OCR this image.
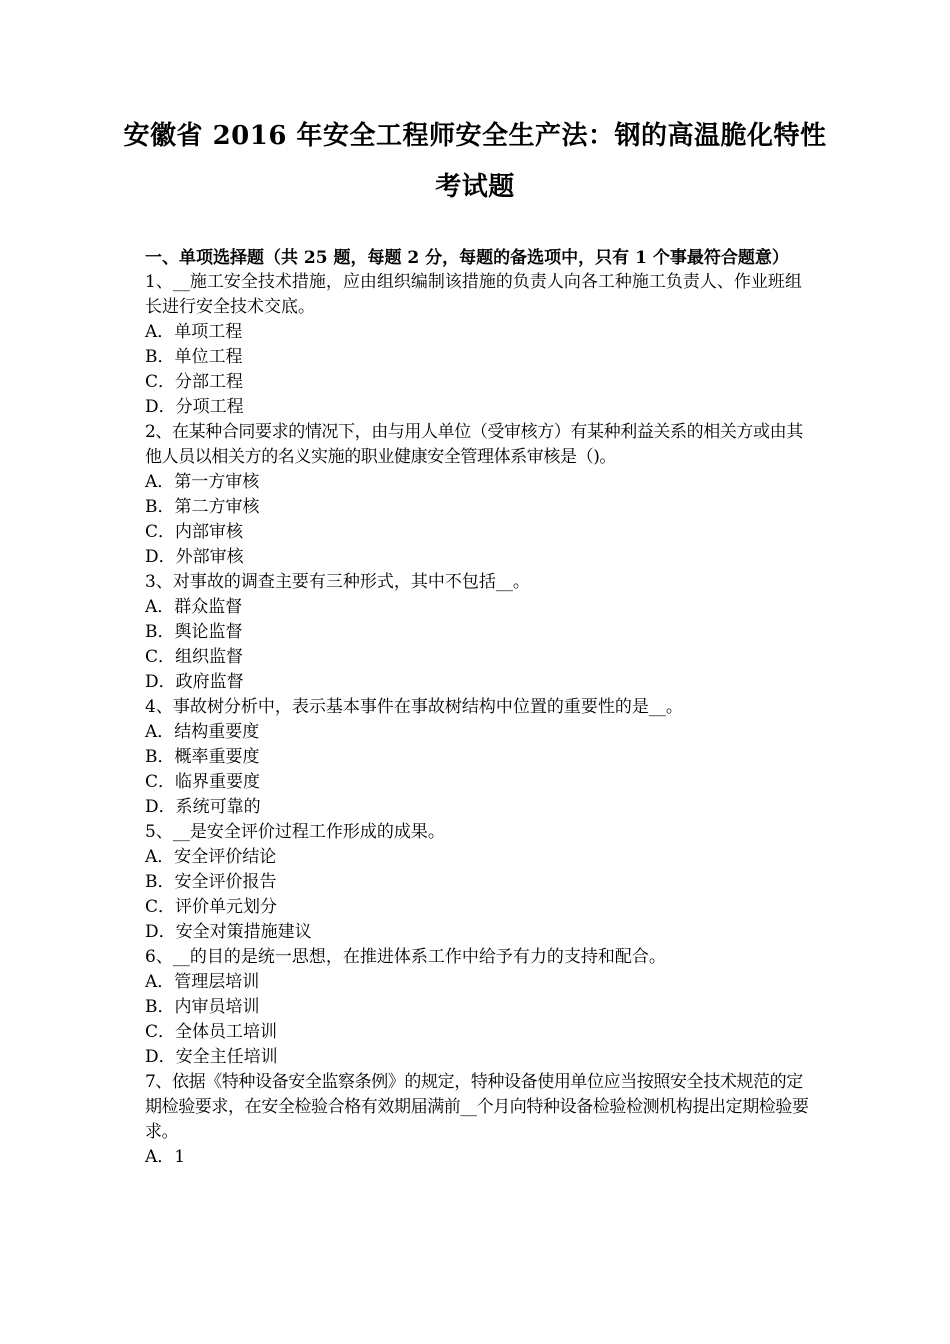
安徽省 2016 年安全工程师安全生产法：钢的高温脆化特性
考试题
一、单项选择题（共 25 题，每题 2 分，每题的备选项中，只有 1 个事最符合题意）
1、__施工安全技术措施，应由组织编制该措施的负责人向各工种施工负责人、作业班组长进行安全技术交底。
A．单项工程
B．单位工程
C．分部工程
D．分项工程
2、在某种合同要求的情况下，由与用人单位（受审核方）有某种利益关系的相关方或由其他人员以相关方的名义实施的职业健康安全管理体系审核是（)。
A．第一方审核
B．第二方审核
C．内部审核
D．外部审核
3、对事故的调查主要有三种形式，其中不包括__。
A．群众监督
B．舆论监督
C．组织监督
D．政府监督
4、事故树分析中，表示基本事件在事故树结构中位置的重要性的是__。
A．结构重要度
B．概率重要度
C．临界重要度
D．系统可靠的
5、__是安全评价过程工作形成的成果。
A．安全评价结论
B．安全评价报告
C．评价单元划分
D．安全对策措施建议
6、__的目的是统一思想，在推进体系工作中给予有力的支持和配合。
A．管理层培训
B．内审员培训
C．全体员工培训
D．安全主任培训
7、依据《特种设备安全监察条例》的规定，特种设备使用单位应当按照安全技术规范的定期检验要求，在安全检验合格有效期届满前__个月向特种设备检验检测机构提出定期检验要求。
A．1
